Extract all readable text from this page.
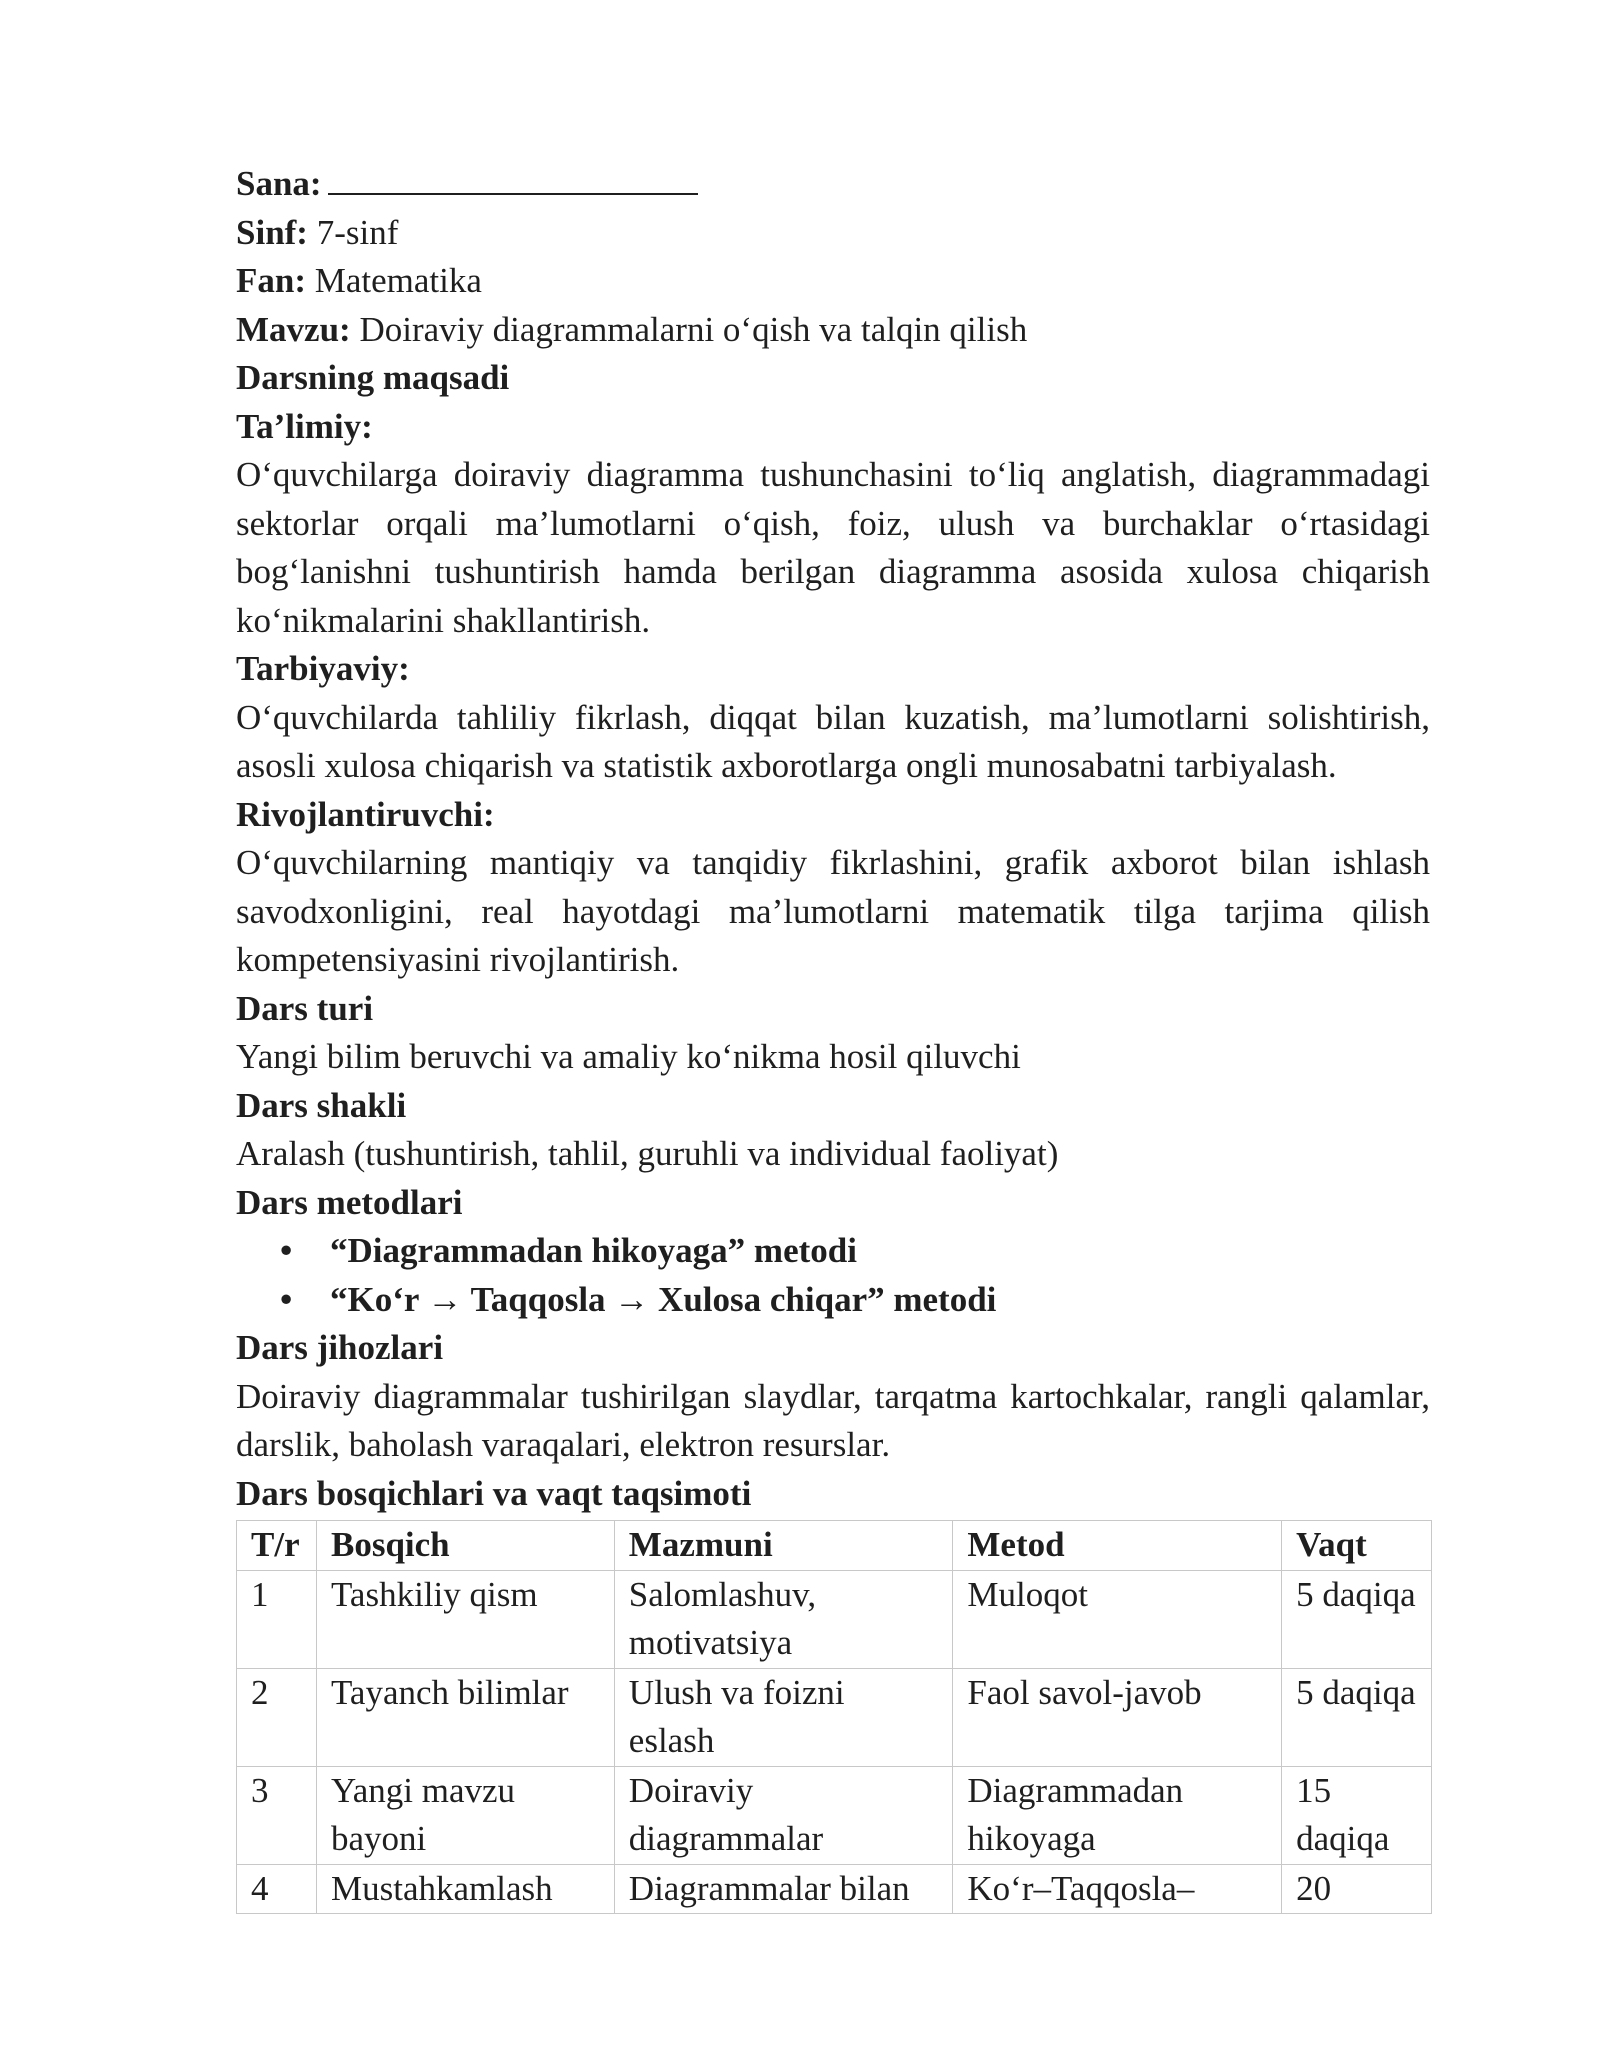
Sana:

Sinf: 7-sinf

Fan: Matematika

Mavzu: Doiraviy diagrammalarni o‘qish va talqin qilish

Darsning maqsadi

Ta’limiy:

O‘quvchilarga doiraviy diagramma tushunchasini to‘liq anglatish, diagrammadagi sektorlar orqali ma’lumotlarni o‘qish, foiz, ulush va burchaklar o‘rtasidagi bog‘lanishni tushuntirish hamda berilgan diagramma asosida xulosa chiqarish ko‘nikmalarini shakllantirish.

Tarbiyaviy:

O‘quvchilarda tahliliy fikrlash, diqqat bilan kuzatish, ma’lumotlarni solishtirish, asosli xulosa chiqarish va statistik axborotlarga ongli munosabatni tarbiyalash.

Rivojlantiruvchi:

O‘quvchilarning mantiqiy va tanqidiy fikrlashini, grafik axborot bilan ishlash savodxonligini, real hayotdagi ma’lumotlarni matematik tilga tarjima qilish kompetensiyasini rivojlantirish.

Dars turi

Yangi bilim beruvchi va amaliy ko‘nikma hosil qiluvchi

Dars shakli

Aralash (tushuntirish, tahlil, guruhli va individual faoliyat)

Dars metodlari

• “Diagrammadan hikoyaga” metodi
• “Ko‘r → Taqqosla → Xulosa chiqar” metodi

Dars jihozlari

Doiraviy diagrammalar tushirilgan slaydlar, tarqatma kartochkalar, rangli qalamlar, darslik, baholash varaqalari, elektron resurslar.

Dars bosqichlari va vaqt taqsimoti

T/r	Bosqich	Mazmuni	Metod	Vaqt
1	Tashkiliy qism	Salomlashuv, motivatsiya	Muloqot	5 daqiqa
2	Tayanch bilimlar	Ulush va foizni eslash	Faol savol-javob	5 daqiqa
3	Yangi mavzu bayoni	Doiraviy diagrammalar	Diagrammadan hikoyaga	15 daqiqa
4	Mustahkamlash	Diagrammalar bilan	Ko‘r–Taqqosla–	20
